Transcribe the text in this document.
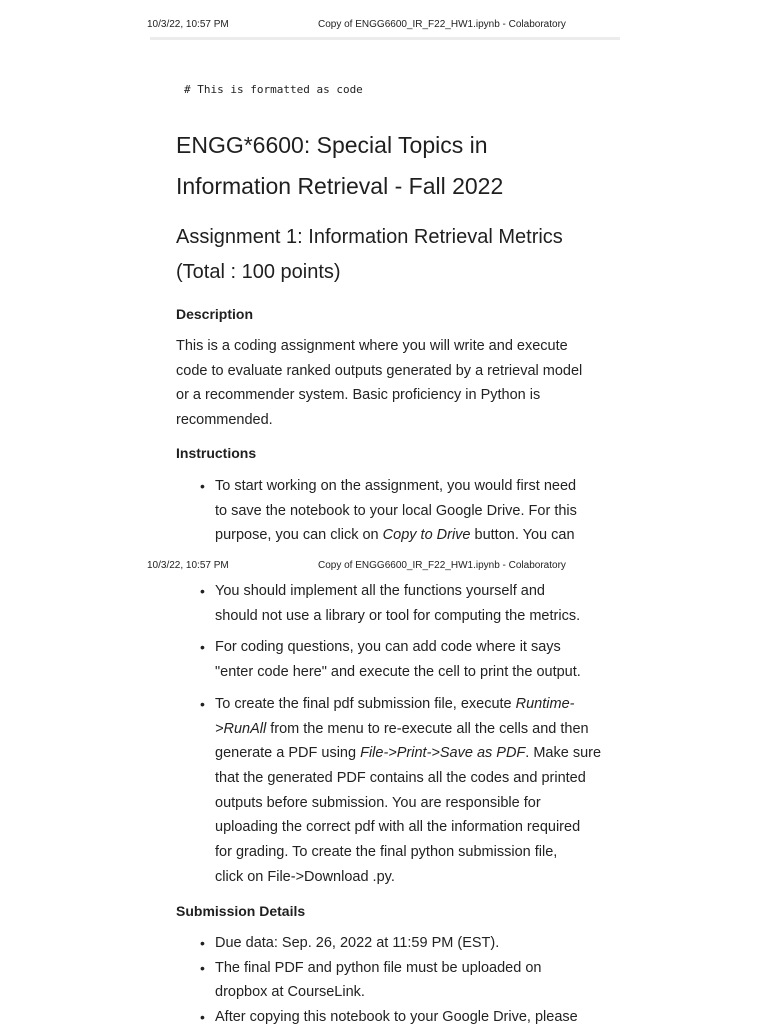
10/3/22, 10:57 PM	Copy of ENGG6600_IR_F22_HW1.ipynb - Colaboratory
# This is formatted as code
ENGG*6600: Special Topics in
Information Retrieval - Fall 2022
Assignment 1: Information Retrieval Metrics
(Total : 100 points)
Description

This is a coding assignment where you will write and execute

code to evaluate ranked outputs generated by a retrieval model

or a recommender system. Basic proficiency in Python is

recommended.

Instructions
• To start working on the assignment, you would first need
to save the notebook to your local Google Drive. For this
purpose, you can click on Copy to Drive button. You can
10/3/22, 10:57 PM	Copy of ENGG6600_IR_F22_HW1.ipynb - Colaboratory
• You should implement all the functions yourself and
should not use a library or tool for computing the metrics.
• For coding questions, you can add code where it says
"enter code here" and execute the cell to print the output.
• To create the final pdf submission file, execute Runtime-
>RunAll from the menu to re-execute all the cells and then
generate a PDF using File->Print->Save as PDF. Make sure
that the generated PDF contains all the codes and printed
outputs before submission. You are responsible for
uploading the correct pdf with all the information required
for grading. To create the final python submission file,
click on File->Download .py.
Submission Details
• Due data: Sep. 26, 2022 at 11:59 PM (EST).
• The final PDF and python file must be uploaded on
dropbox at CourseLink.
• After copying this notebook to your Google Drive, please
